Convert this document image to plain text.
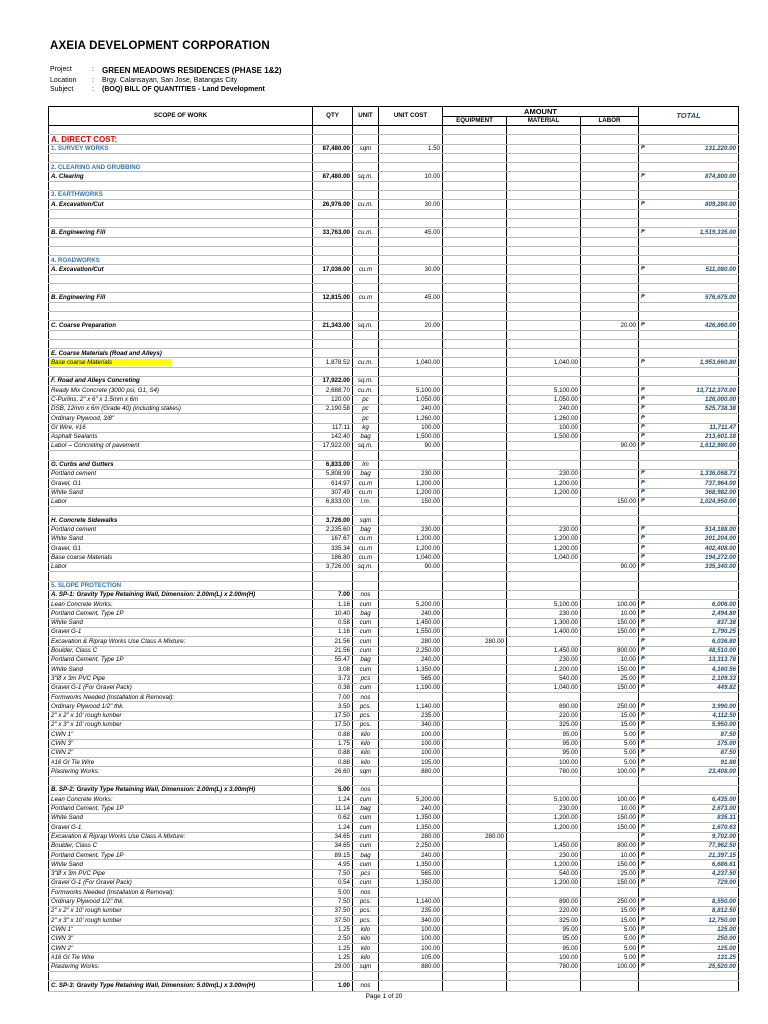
AXEIA DEVELOPMENT CORPORATION
Project	: GREEN MEADOWS RESIDENCES (PHASE 1&2)
Location	: Brgy. Calansayan, San Jose, Batangas City
Subject	: (BOQ) BILL OF QUANTITIES - Land Development
SCOPE OF WORK	QTY	UNIT	UNIT COST	AMOUNT			TOTAL
				EQUIPMENT	MATERIAL	LABOR	

A. DIRECT COST:							
1. SURVEY WORKS	87,480.00	sqm	1.50				₱ 131,220.00

2. CLEARING AND GRUBBING							
A. Clearing	87,480.00	sq.m.	10.00				₱ 874,800.00

3. EARTHWORKS							
A. Excavation/Cut	26,976.00	cu.m.	30.00				₱ 809,280.00

B. Engineering Fill	33,763.00	cu.m.	45.00				₱ 1,519,335.00

4. ROADWORKS							
A. Excavation/Cut	17,036.00	cu.m	30.00				₱ 511,080.00

B. Engineering Fill	12,815.00	cu.m	45.00				₱ 576,675.00

C. Coarse Preparation	21,343.00	sq.m.	20.00			20.00	₱ 426,860.00

E. Coarse Materials (Road and Alleys)							
Base coarse Materials	1,878.52	cu.m.	1,040.00		1,040.00		₱ 1,953,660.80

F. Road and Alleys Concreting	17,922.00	sq.m.					
Ready Mix Concrete (3000 psi, G1, S4)	2,688.70	cu.m.	5,100.00		5,100.00		₱ 13,712,370.00
C-Purlins, 2" x 6" x 1.5mm x 6m	120.00	pc	1,050.00		1,050.00		₱ 126,000.00
DSB, 12mm x 6m (Grade 40) (including stakes)	2,190.58	pc	240.00		240.00		₱ 525,738.38
Ordinary Plywood, 3/8"		pc	1,260.00		1,260.00		₱

GI Wire, #16	117.11	kg	100.00		100.00		₱ 11,711.47
Asphalt Sealants	142.40	bag	1,500.00		1,500.00		₱ 213,601.18
Labor – Concreting of pavement	17,922.00	sq.m.	90.00			90.00	₱ 1,612,980.00

G. Curbs and Gutters	6,833.00	lm					
Portland cement	5,808.99	bag	230.00		230.00		₱ 1,336,068.73
Gravel, G1	614.97	cu.m	1,200.00		1,200.00		₱ 737,964.00
White Sand	307.49	cu.m	1,200.00		1,200.00		₱ 368,982.00
Labor	6,833.00	l.m.	150.00			150.00	₱ 1,024,950.00

H. Concrete Sidewalks	3,726.00	sqm					
Portland cement	2,235.60	bag	230.00		230.00		₱ 514,188.00
White Sand	167.67	cu.m	1,200.00		1,200.00		₱ 201,204.00
Gravel, G1	335.34	cu.m	1,200.00		1,200.00		₱ 402,408.00
Base coarse Materials	186.80	cu.m	1,040.00		1,040.00		₱ 194,272.00
Labor	3,726.00	sq.m.	90.00			90.00	₱ 335,340.00

5. SLOPE PROTECTION							
A. SP-1: Gravity Type Retaining Wall, Dimension: 2.00m(L) x 2.00m(H)	7.00	nos					
Lean Concrete Works:	1.16	cum	5,200.00		5,100.00	100.00	₱ 6,006.00
Portland Cement, Type 1P	10.40	bag	240.00		230.00	10.00	₱ 2,494.80
White Sand	0.58	cum	1,450.00		1,300.00	150.00	₱ 837.38
Gravel G-1	1.16	cum	1,550.00		1,400.00	150.00	₱ 1,790.25
Excavation & Riprap Works Use Class A Mixture:	21.56	cum	280.00	280.00			₱ 6,036.80
Boulder, Class C	21.56	cum	2,250.00		1,450.00	800.00	₱ 48,510.00
Portland Cement, Type 1P	55.47	bag	240.00		230.00	10.00	₱ 13,313.78
White Sand	3.08	cum	1,350.00		1,200.00	150.00	₱ 4,160.56
3"Ø x 3m PVC Pipe	3.73	pcs	565.00		540.00	25.00	₱ 2,109.33
Gravel G-1 (For Gravel Pack)	0.38	cum	1,190.00		1,040.00	150.00	₱ 449.82
Formworks Needed (Installation & Removal):	7.00	nos					
Ordinary Plywood 1/2" thk.	3.50	pcs.	1,140.00		890.00	250.00	₱ 3,990.00
2" x 2" x 10' rough lumber	17.50	pcs.	235.00		220.00	15.00	₱ 4,112.50
2" x 3" x 10' rough lumber	17.50	pcs.	340.00		325.00	15.00	₱ 5,950.00
CWN 1"	0.88	kilo	100.00		95.00	5.00	₱ 87.50
CWN 3"	1.75	kilo	100.00		95.00	5.00	₱ 175.00
CWN 2"	0.88	kilo	100.00		95.00	5.00	₱ 87.50
#16 GI Tie Wire	0.88	kilo	105.00		100.00	5.00	₱ 91.88
Plastering Works:	26.60	sqm	880.00		780.00	100.00	₱ 23,408.00

B. SP-2: Gravity Type Retaining Wall, Dimension: 2.00m(L) x 3.00m(H)	5.00	nos					
Lean Concrete Works:	1.24	cum	5,200.00		5,100.00	100.00	₱ 6,435.00
Portland Cement, Type 1P	11.14	bag	240.00		230.00	10.00	₱ 2,673.00
White Sand	0.62	cum	1,350.00		1,200.00	150.00	₱ 835.31
Gravel G-1	1.24	cum	1,350.00		1,200.00	150.00	₱ 1,670.63
Excavation & Riprap Works Use Class A Mixture:	34.65	cum	280.00	280.00			₱ 9,702.00
Boulder, Class C	34.65	cum	2,250.00		1,450.00	800.00	₱ 77,962.50
Portland Cement, Type 1P	89.15	bag	240.00		230.00	10.00	₱ 21,397.15
White Sand	4.95	cum	1,350.00		1,200.00	150.00	₱ 6,686.61
3"Ø x 3m PVC Pipe	7.50	pcs	565.00		540.00	25.00	₱ 4,237.50
Gravel G-1 (For Gravel Pack)	0.54	cum	1,350.00		1,200.00	150.00	₱ 729.00
Formworks Needed (Installation & Removal):	5.00	nos					
Ordinary Plywood 1/2" thk.	7.50	pcs.	1,140.00		890.00	250.00	₱ 8,550.00
2" x 2" x 10' rough lumber	37.50	pcs.	235.00		220.00	15.00	₱ 8,812.50
2" x 3" x 10' rough lumber	37.50	pcs.	340.00		325.00	15.00	₱ 12,750.00
CWN 1"	1.25	kilo	100.00		95.00	5.00	₱ 125.00
CWN 3"	2.50	kilo	100.00		95.00	5.00	₱ 250.00
CWN 2"	1.25	kilo	100.00		95.00	5.00	₱ 125.00
#16 GI Tie Wire	1.25	kilo	105.00		100.00	5.00	₱ 131.25
Plastering Works:	29.00	sqm	880.00		780.00	100.00	₱ 25,520.00

C. SP-3: Gravity Type Retaining Wall, Dimension: 5.00m(L) x 3.00m(H)	1.00	nos					
Page 1 of 20
